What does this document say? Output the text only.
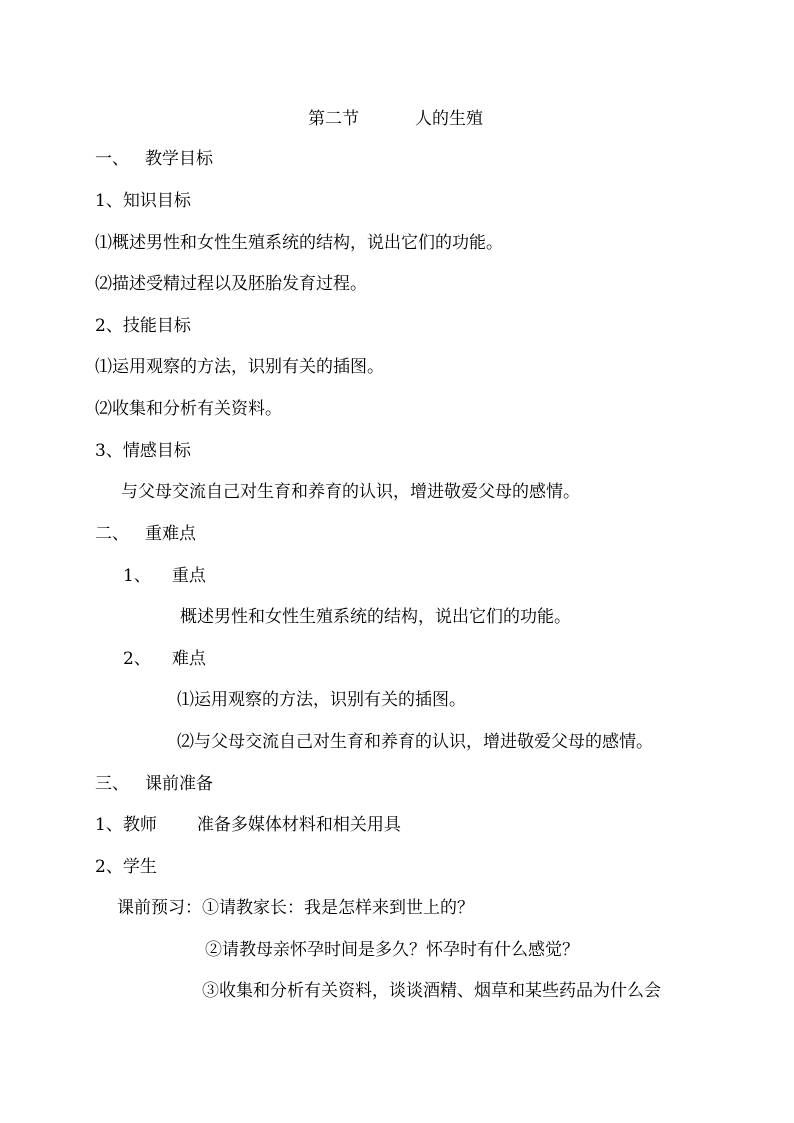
第二节	人的生殖
一、 教学目标
1、知识目标
⑴概述男性和女性生殖系统的结构，说出它们的功能。
⑵描述受精过程以及胚胎发育过程。
2、技能目标
⑴运用观察的方法，识别有关的插图。
⑵收集和分析有关资料。
3、情感目标
与父母交流自己对生育和养育的认识，增进敬爱父母的感情。
二、 重难点
1、 重点
概述男性和女性生殖系统的结构，说出它们的功能。
2、 难点
⑴运用观察的方法，识别有关的插图。
⑵与父母交流自己对生育和养育的认识，增进敬爱父母的感情。
三、 课前准备
1、教师 准备多媒体材料和相关用具
2、学生
课前预习：①请教家长：我是怎样来到世上的？
②请教母亲怀孕时间是多久？怀孕时有什么感觉？
③收集和分析有关资料，谈谈酒精、烟草和某些药品为什么会
